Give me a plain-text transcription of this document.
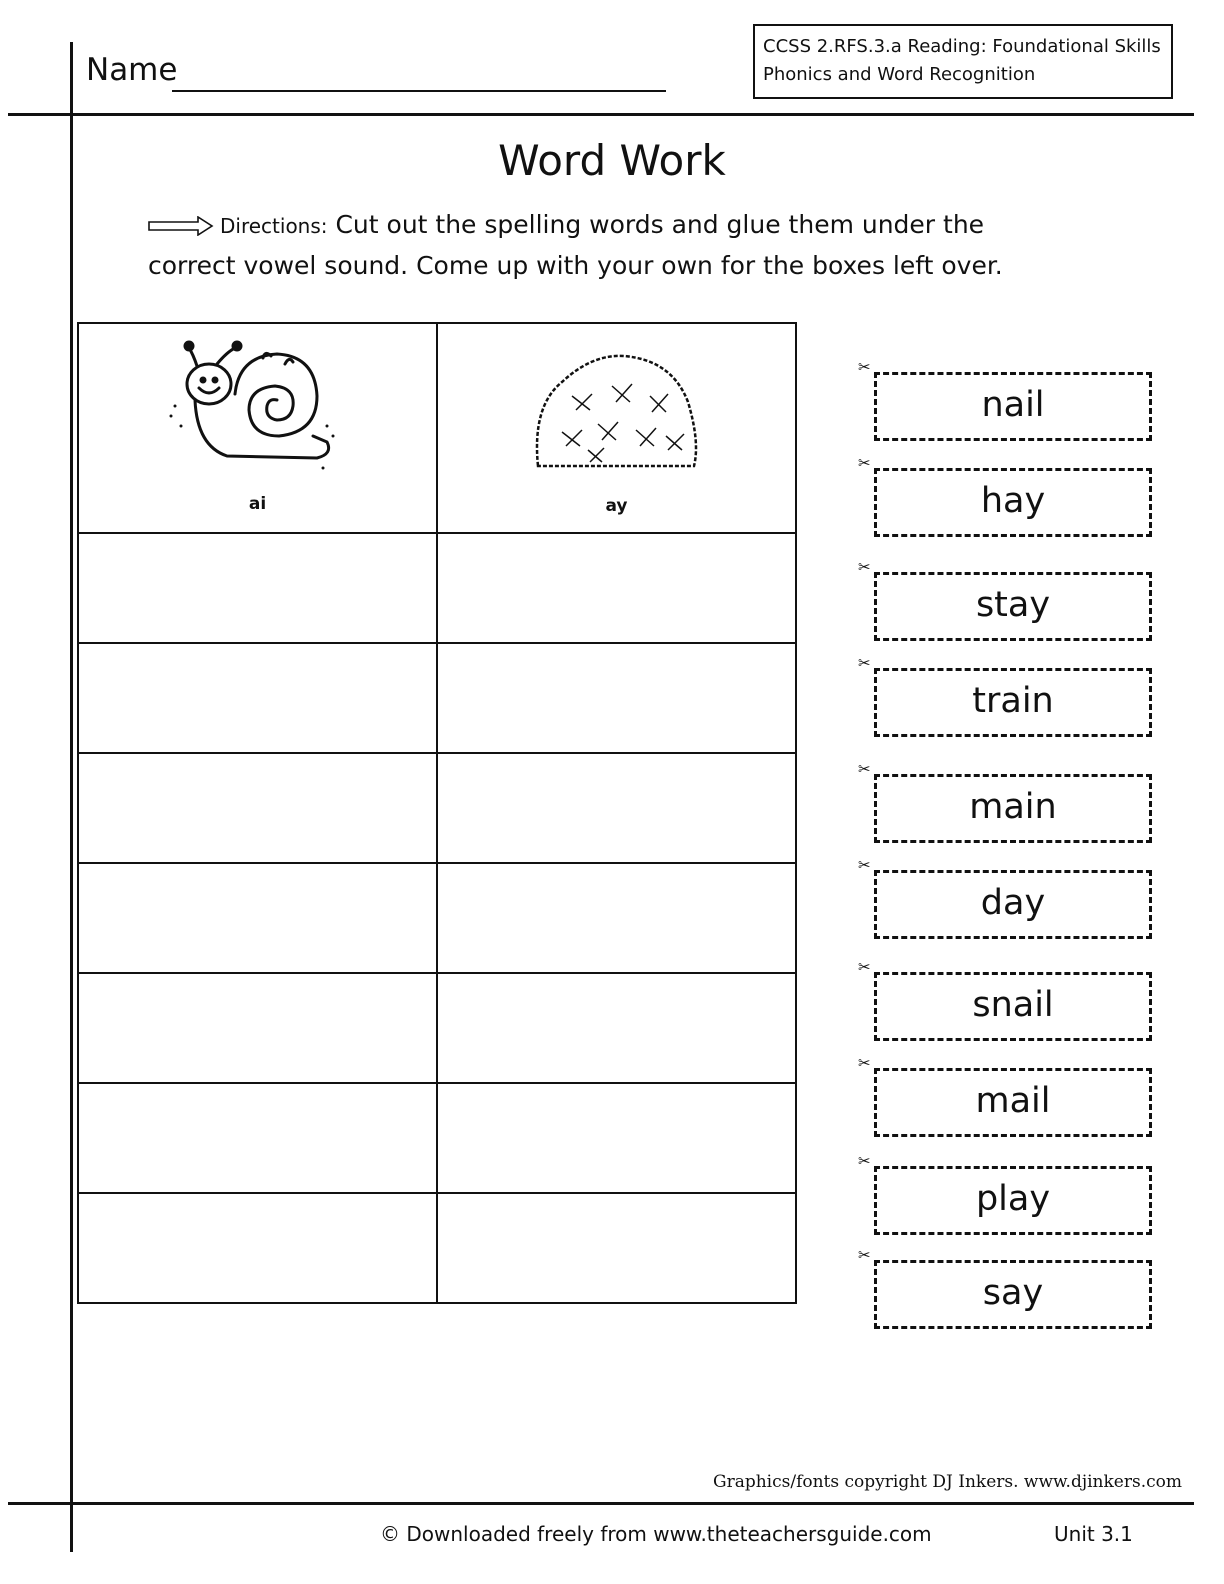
Name
CCSS 2.RFS.3.a Reading: Foundational Skills
Phonics and Word Recognition
Word Work
Directions: Cut out the spelling words and glue them under the
correct vowel sound. Come up with your own for the boxes left over.
ai	ay

✂
nail
✂
hay
✂
stay
✂
train
✂
main
✂
day
✂
snail
✂
mail
✂
play
✂
say
Graphics/fonts copyright DJ Inkers. www.djinkers.com
© Downloaded freely from www.theteachersguide.com	Unit 3.1
